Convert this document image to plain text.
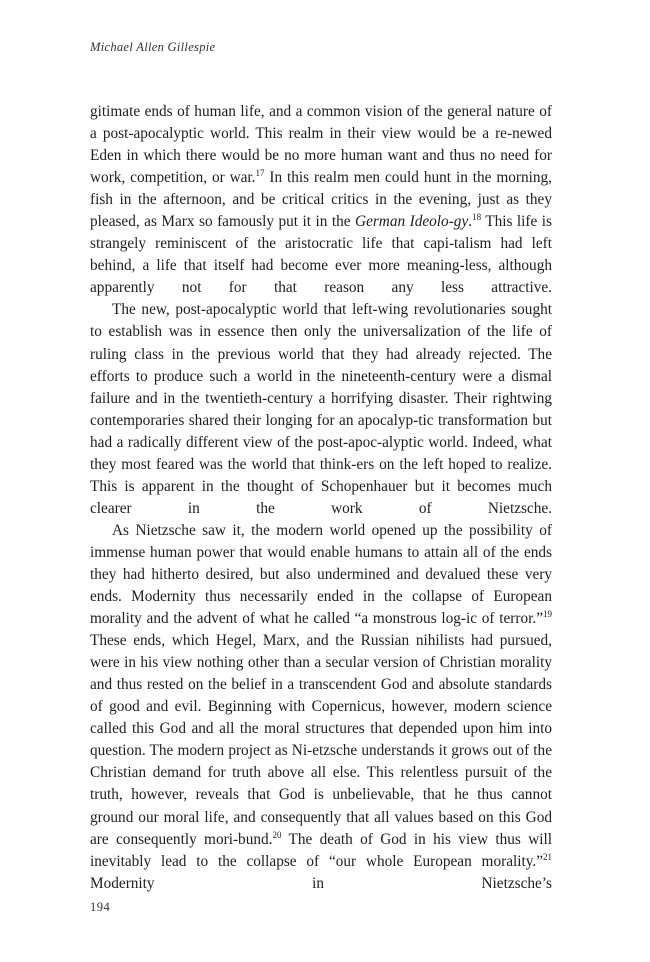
Michael Allen Gillespie

gitimate ends of human life, and a common vision of the general nature of a post-apocalyptic world. This realm in their view would be a re-newed Eden in which there would be no more human want and thus no need for work, competition, or war.$^{17}$ In this realm men could hunt in the morning, fish in the afternoon, and be critical critics in the evening, just as they pleased, as Marx so famously put it in the German Ideolo-gy.$^{18}$ This life is strangely reminiscent of the aristocratic life that capi-talism had left behind, a life that itself had become ever more meaning-less, although apparently not for that reason any less attractive.

The new, post-apocalyptic world that left-wing revolutionaries sought to establish was in essence then only the universalization of the life of ruling class in the previous world that they had already rejected. The efforts to produce such a world in the nineteenth-century were a dismal failure and in the twentieth-century a horrifying disaster. Their rightwing contemporaries shared their longing for an apocalyp-tic transformation but had a radically different view of the post-apoc-alyptic world. Indeed, what they most feared was the world that think-ers on the left hoped to realize. This is apparent in the thought of Schopenhauer but it becomes much clearer in the work of Nietzsche.

As Nietzsche saw it, the modern world opened up the possibility of immense human power that would enable humans to attain all of the ends they had hitherto desired, but also undermined and devalued these very ends. Modernity thus necessarily ended in the collapse of European morality and the advent of what he called “a monstrous log-ic of terror.”$^{19}$ These ends, which Hegel, Marx, and the Russian nihilists had pursued, were in his view nothing other than a secular version of Christian morality and thus rested on the belief in a transcendent God and absolute standards of good and evil. Beginning with Copernicus, however, modern science called this God and all the moral structures that depended upon him into question. The modern project as Ni-etzsche understands it grows out of the Christian demand for truth above all else. This relentless pursuit of the truth, however, reveals that God is unbelievable, that he thus cannot ground our moral life, and consequently that all values based on this God are consequently mori-bund.$^{20}$ The death of God in his view thus will inevitably lead to the collapse of “our whole European morality.”$^{21}$ Modernity in Nietzsche’s

194
